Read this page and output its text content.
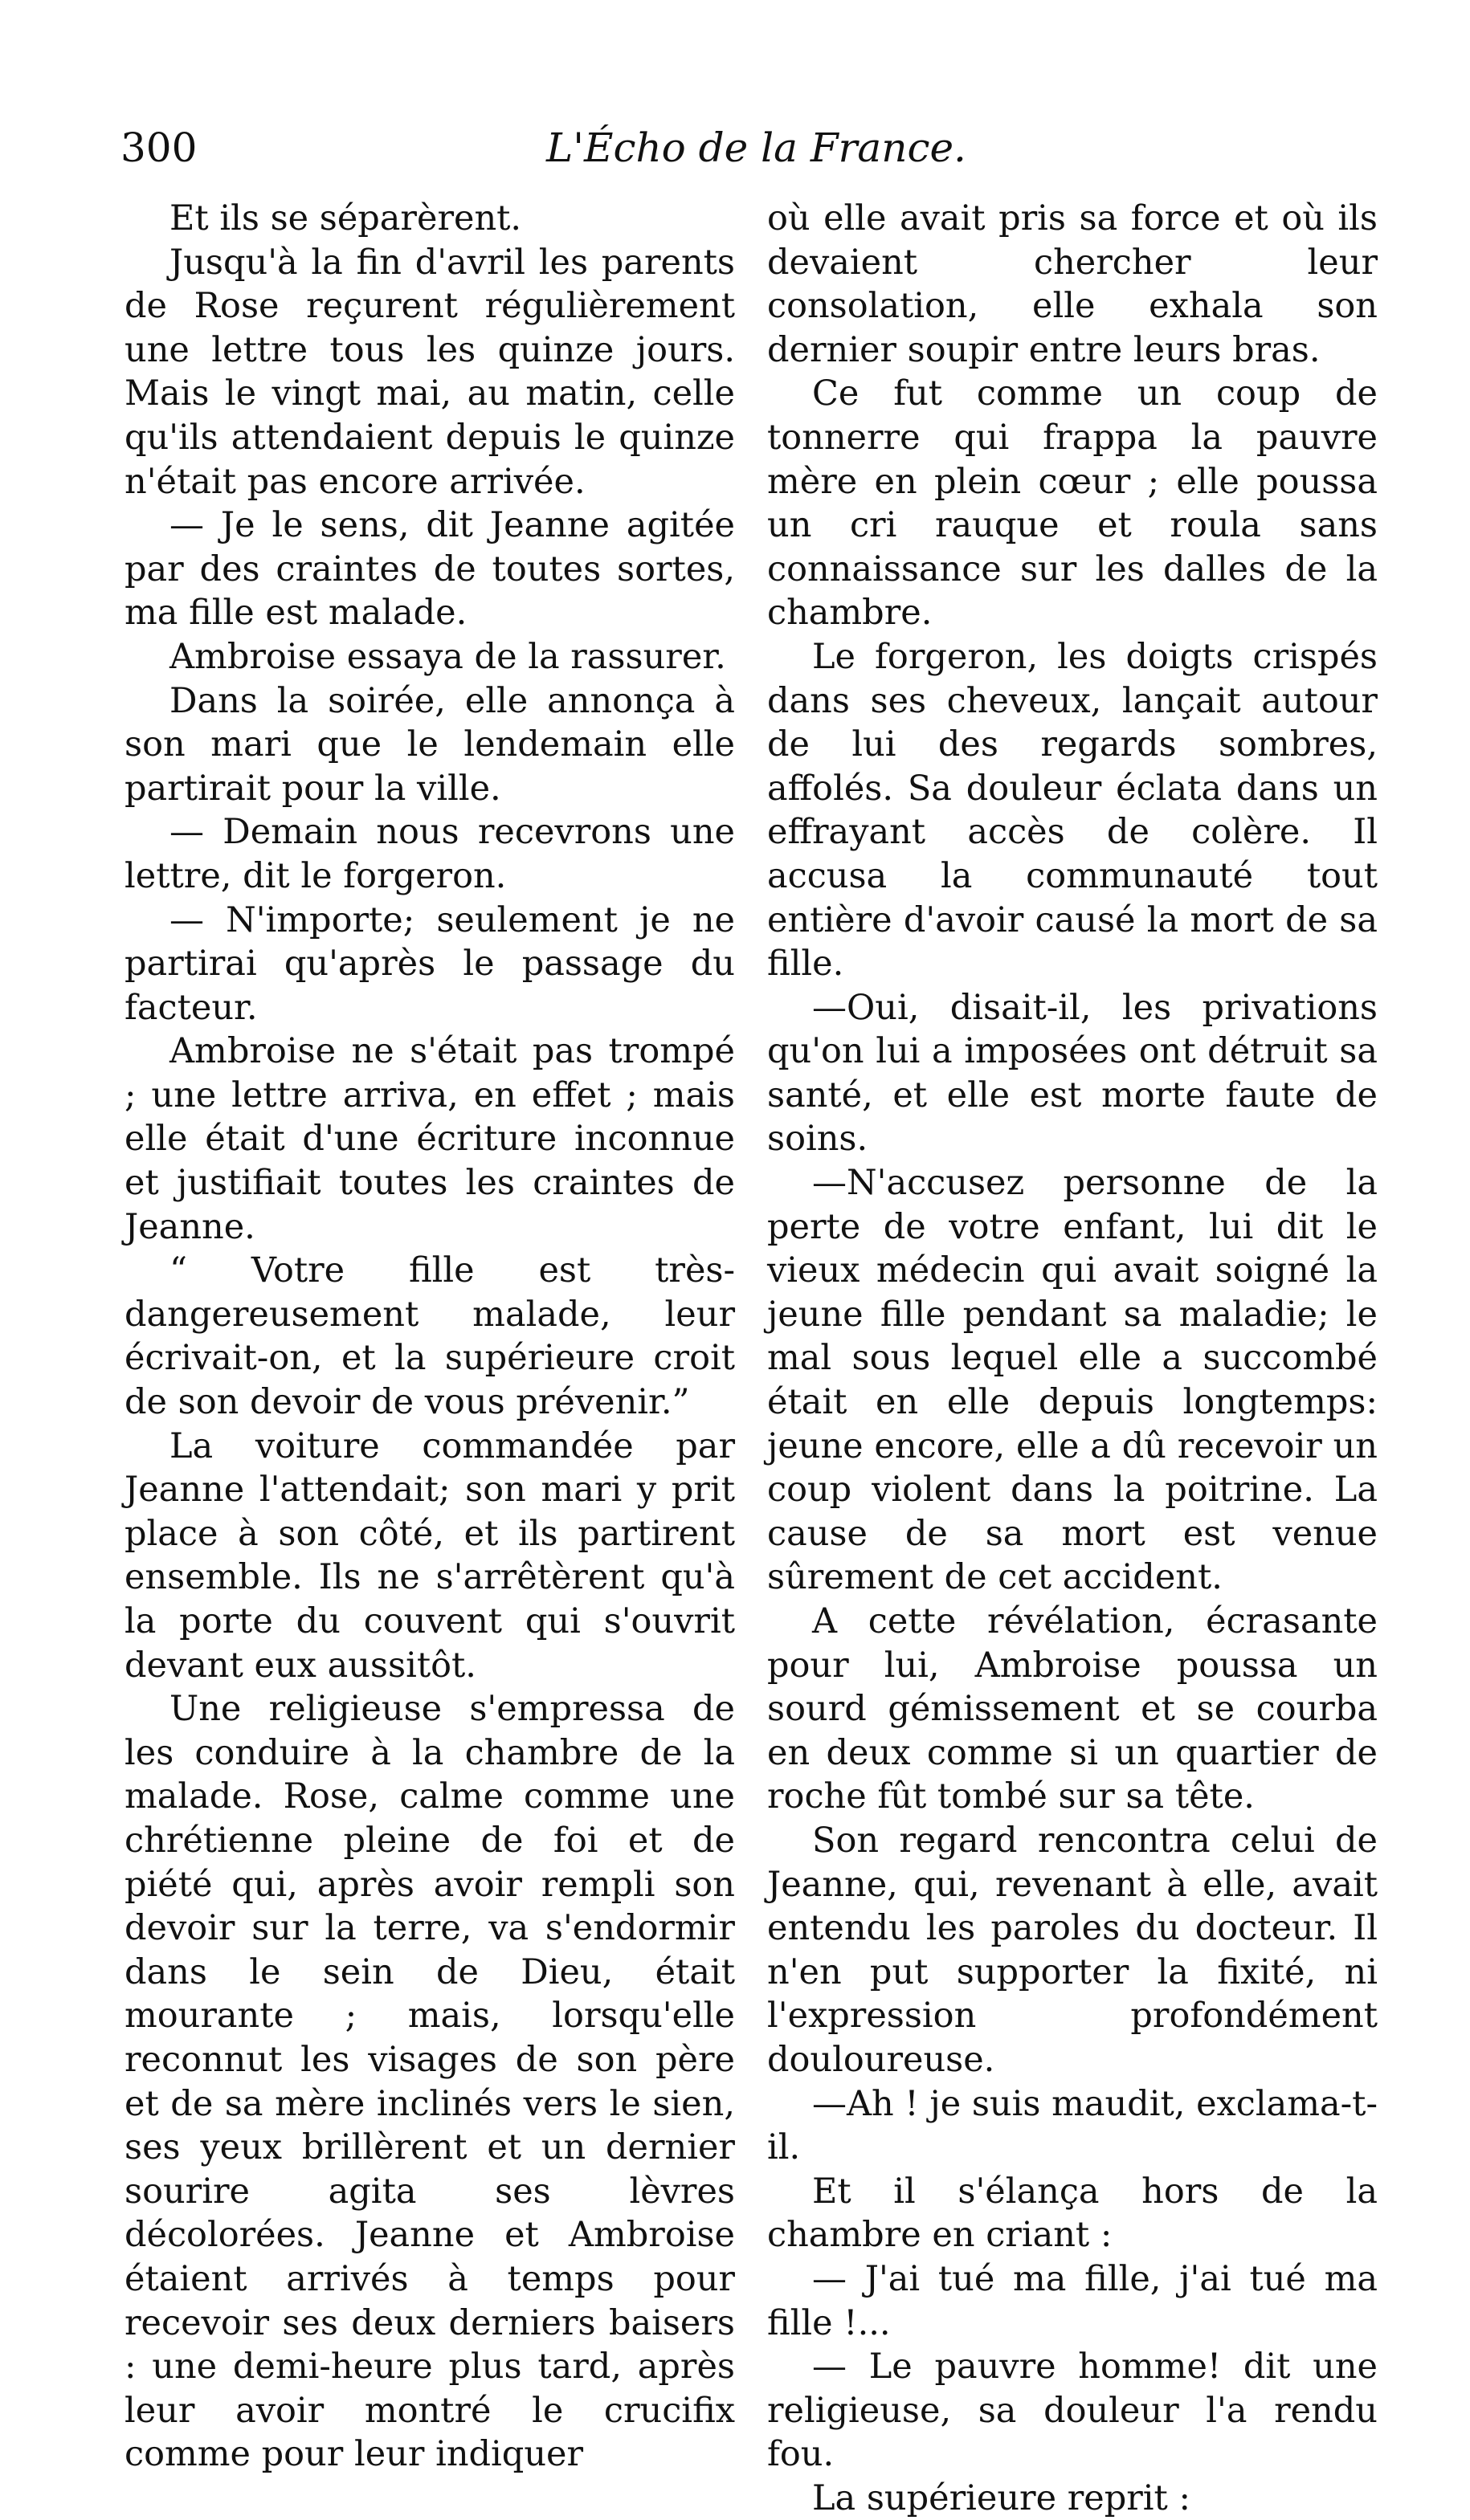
300	L'Écho de la France.

Et ils se séparèrent.

Jusqu'à la fin d'avril les parents de Rose reçurent régulièrement une lettre tous les quinze jours. Mais le vingt mai, au matin, celle qu'ils attendaient depuis le quinze n'était pas encore arrivée.

— Je le sens, dit Jeanne agitée par des craintes de toutes sortes, ma fille est malade.

Ambroise essaya de la rassurer.

Dans la soirée, elle annonça à son mari que le lendemain elle partirait pour la ville.

— Demain nous recevrons une lettre, dit le forgeron.

— N'importe; seulement je ne partirai qu'après le passage du facteur.

Ambroise ne s'était pas trompé ; une lettre arriva, en effet ; mais elle était d'une écriture inconnue et justifiait toutes les craintes de Jeanne.

“ Votre fille est très-dangereusement malade, leur écrivait-on, et la supérieure croit de son devoir de vous prévenir.”

La voiture commandée par Jeanne l'attendait; son mari y prit place à son côté, et ils partirent ensemble. Ils ne s'arrêtèrent qu'à la porte du couvent qui s'ouvrit devant eux aussitôt.

Une religieuse s'empressa de les conduire à la chambre de la malade. Rose, calme comme une chrétienne pleine de foi et de piété qui, après avoir rempli son devoir sur la terre, va s'endormir dans le sein de Dieu, était mourante ; mais, lorsqu'elle reconnut les visages de son père et de sa mère inclinés vers le sien, ses yeux brillèrent et un dernier sourire agita ses lèvres décolorées. Jeanne et Ambroise étaient arrivés à temps pour recevoir ses deux derniers baisers : une demi-heure plus tard, après leur avoir montré le crucifix comme pour leur indiquer

où elle avait pris sa force et où ils devaient chercher leur consolation, elle exhala son dernier soupir entre leurs bras.

Ce fut comme un coup de tonnerre qui frappa la pauvre mère en plein cœur ; elle poussa un cri rauque et roula sans connaissance sur les dalles de la chambre.

Le forgeron, les doigts crispés dans ses cheveux, lançait autour de lui des regards sombres, affolés. Sa douleur éclata dans un effrayant accès de colère. Il accusa la communauté tout entière d'avoir causé la mort de sa fille.

—Oui, disait-il, les privations qu'on lui a imposées ont détruit sa santé, et elle est morte faute de soins.

—N'accusez personne de la perte de votre enfant, lui dit le vieux médecin qui avait soigné la jeune fille pendant sa maladie; le mal sous lequel elle a succombé était en elle depuis longtemps: jeune encore, elle a dû recevoir un coup violent dans la poitrine. La cause de sa mort est venue sûrement de cet accident.

A cette révélation, écrasante pour lui, Ambroise poussa un sourd gémissement et se courba en deux comme si un quartier de roche fût tombé sur sa tête.

Son regard rencontra celui de Jeanne, qui, revenant à elle, avait entendu les paroles du docteur. Il n'en put supporter la fixité, ni l'expression profondément douloureuse.

—Ah ! je suis maudit, exclama-t-il.

Et il s'élança hors de la chambre en criant :

— J'ai tué ma fille, j'ai tué ma fille !...

— Le pauvre homme! dit une religieuse, sa douleur l'a rendu fou.

La supérieure reprit :
